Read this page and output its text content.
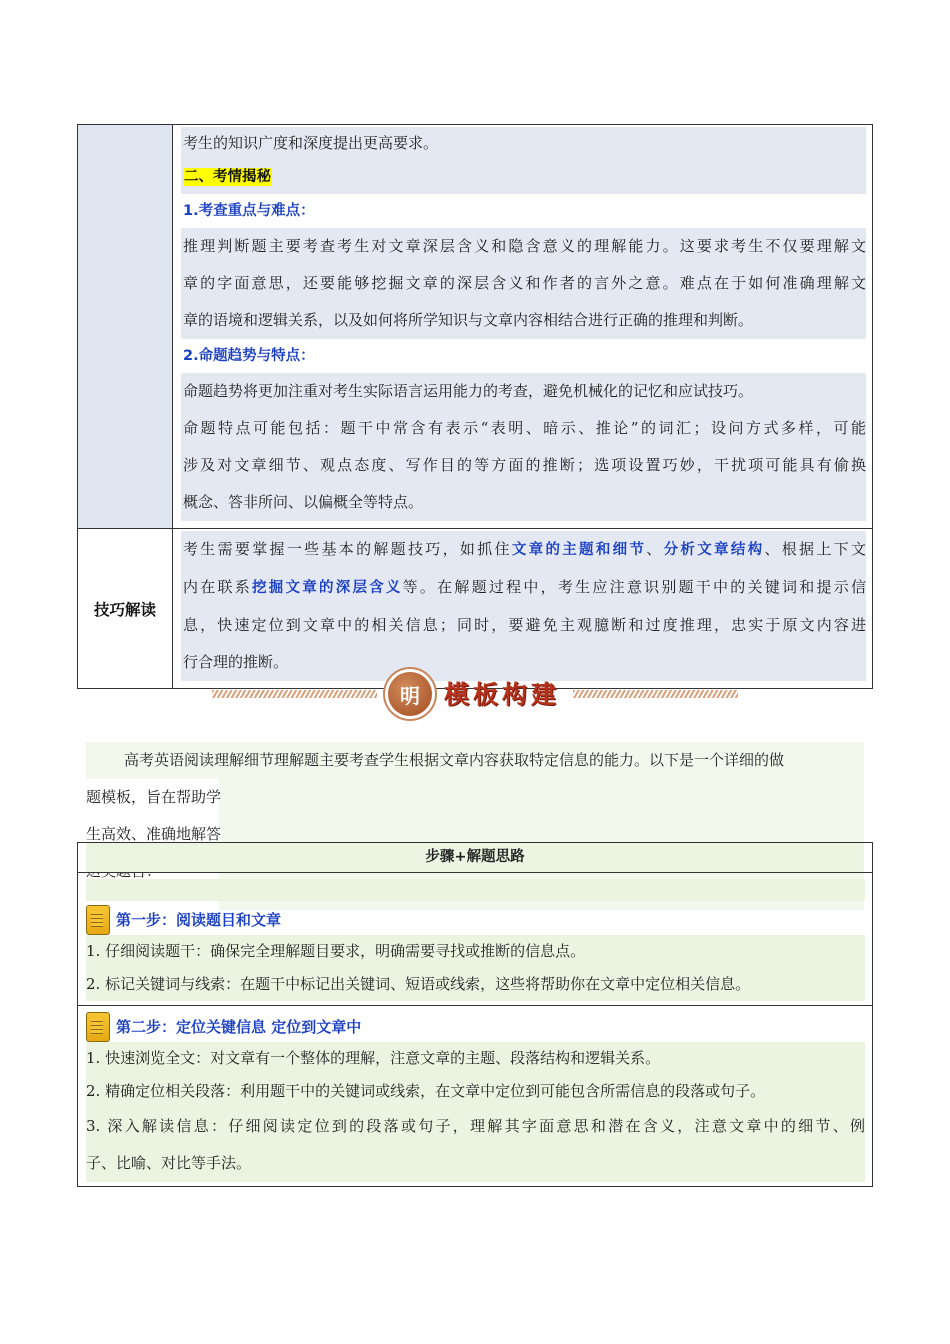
考生的知识广度和深度提出更高要求。
二、考情揭秘
1.考查重点与难点：
推理判断题主要考查考生对文章深层含义和隐含意义的理解能力。这要求考生不仅要理解文
章的字面意思，还要能够挖掘文章的深层含义和作者的言外之意。难点在于如何准确理解文
章的语境和逻辑关系，以及如何将所学知识与文章内容相结合进行正确的推理和判断。
2.命题趋势与特点：
命题趋势将更加注重对考生实际语言运用能力的考查，避免机械化的记忆和应试技巧。
命题特点可能包括：题干中常含有表示“表明、暗示、推论”的词汇；设问方式多样，可能
涉及对文章细节、观点态度、写作目的等方面的推断；选项设置巧妙，干扰项可能具有偷换
概念、答非所问、以偏概全等特点。
技巧解读
考生需要掌握一些基本的解题技巧，如抓住文章的主题和细节、分析文章结构、根据上下文
内在联系挖掘文章的深层含义等。在解题过程中，考生应注意识别题干中的关键词和提示信
息，快速定位到文章中的相关信息；同时，要避免主观臆断和过度推理，忠实于原文内容进
行合理的推断。
明 模板构建
高考英语阅读理解细节理解题主要考查学生根据文章内容获取特定信息的能力。以下是一个详细的做
题模板，旨在帮助学生高效、准确地解答
步骤+解题思路
第一步：阅读题目和文章
1. 仔细阅读题干：确保完全理解题目要求，明确需要寻找或推断的信息点。
2. 标记关键词与线索：在题干中标记出关键词、短语或线索，这些将帮助你在文章中定位相关信息。
第二步：定位关键信息 定位到文章中
1. 快速浏览全文：对文章有一个整体的理解，注意文章的主题、段落结构和逻辑关系。
2. 精确定位相关段落：利用题干中的关键词或线索，在文章中定位到可能包含所需信息的段落或句子。
3. 深入解读信息：仔细阅读定位到的段落或句子，理解其字面意思和潜在含义，注意文章中的细节、例
子、比喻、对比等手法。
